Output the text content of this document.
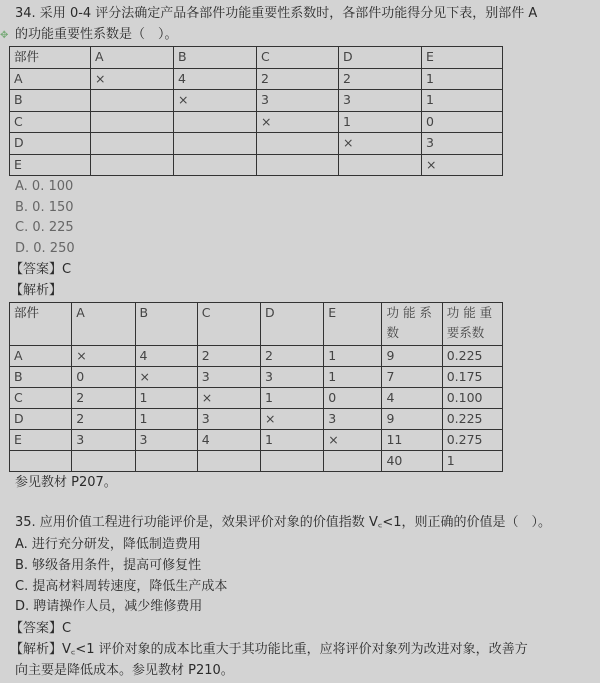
✥
34. 采用 0-4 评分法确定产品各部件功能重要性系数时，各部件功能得分见下表，别部件 A
的功能重要性系数是（　）。
部件	A	B	C	D	E
A	×	4	2	2	1
B		×	3	3	1
C			×	1	0
D				×	3
E					×
A. 0. 100
B. 0. 150
C. 0. 225
D. 0. 250
【答案】C
【解析】
部件	A	B	C	D	E	功 能 系数	功 能 重要系数
A	×	4	2	2	1	9	0.225
B	0	×	3	3	1	7	0.175
C	2	1	×	1	0	4	0.100
D	2	1	3	×	3	9	0.225
E	3	3	4	1	×	11	0.275
						40	1
参见教材 P207。
35. 应用价值工程进行功能评价是，效果评价对象的价值指数 V꜀<1，则正确的价值是（　）。
A. 进行充分研发，降低制造费用
B. 够级备用条件，提高可修复性
C. 提高材料周转速度，降低生产成本
D. 聘请操作人员，减少维修费用
【答案】C
【解析】V꜀<1 评价对象的成本比重大于其功能比重，应将评价对象列为改进对象，改善方
向主要是降低成本。参见教材 P210。
